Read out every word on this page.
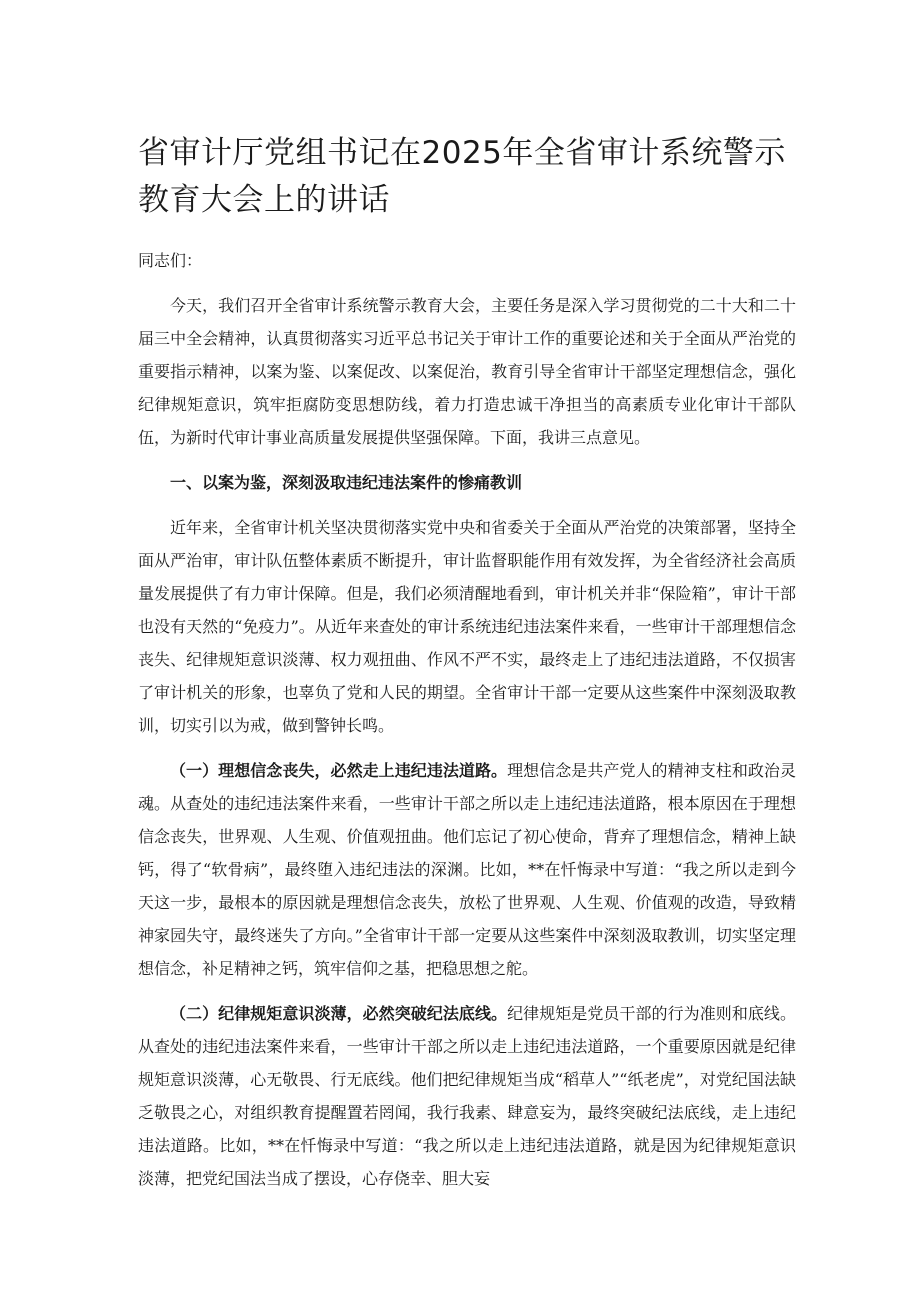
省审计厅党组书记在2025年全省审计系统警示教育大会上的讲话

同志们：

今天，我们召开全省审计系统警示教育大会，主要任务是深入学习贯彻党的二十大和二十届三中全会精神，认真贯彻落实习近平总书记关于审计工作的重要论述和关于全面从严治党的重要指示精神，以案为鉴、以案促改、以案促治，教育引导全省审计干部坚定理想信念，强化纪律规矩意识，筑牢拒腐防变思想防线，着力打造忠诚干净担当的高素质专业化审计干部队伍，为新时代审计事业高质量发展提供坚强保障。下面，我讲三点意见。

一、以案为鉴，深刻汲取违纪违法案件的惨痛教训

近年来，全省审计机关坚决贯彻落实党中央和省委关于全面从严治党的决策部署，坚持全面从严治审，审计队伍整体素质不断提升，审计监督职能作用有效发挥，为全省经济社会高质量发展提供了有力审计保障。但是，我们必须清醒地看到，审计机关并非“保险箱”，审计干部也没有天然的“免疫力”。从近年来查处的审计系统违纪违法案件来看，一些审计干部理想信念丧失、纪律规矩意识淡薄、权力观扭曲、作风不严不实，最终走上了违纪违法道路，不仅损害了审计机关的形象，也辜负了党和人民的期望。全省审计干部一定要从这些案件中深刻汲取教训，切实引以为戒，做到警钟长鸣。

（一）理想信念丧失，必然走上违纪违法道路。理想信念是共产党人的精神支柱和政治灵魂。从查处的违纪违法案件来看，一些审计干部之所以走上违纪违法道路，根本原因在于理想信念丧失，世界观、人生观、价值观扭曲。他们忘记了初心使命，背弃了理想信念，精神上缺钙，得了“软骨病”，最终堕入违纪违法的深渊。比如，**在忏悔录中写道：“我之所以走到今天这一步，最根本的原因就是理想信念丧失，放松了世界观、人生观、价值观的改造，导致精神家园失守，最终迷失了方向。”全省审计干部一定要从这些案件中深刻汲取教训，切实坚定理想信念，补足精神之钙，筑牢信仰之基，把稳思想之舵。

（二）纪律规矩意识淡薄，必然突破纪法底线。纪律规矩是党员干部的行为准则和底线。从查处的违纪违法案件来看，一些审计干部之所以走上违纪违法道路，一个重要原因就是纪律规矩意识淡薄，心无敬畏、行无底线。他们把纪律规矩当成“稻草人”“纸老虎”，对党纪国法缺乏敬畏之心，对组织教育提醒置若罔闻，我行我素、肆意妄为，最终突破纪法底线，走上违纪违法道路。比如，**在忏悔录中写道：“我之所以走上违纪违法道路，就是因为纪律规矩意识淡薄，把党纪国法当成了摆设，心存侥幸、胆大妄
